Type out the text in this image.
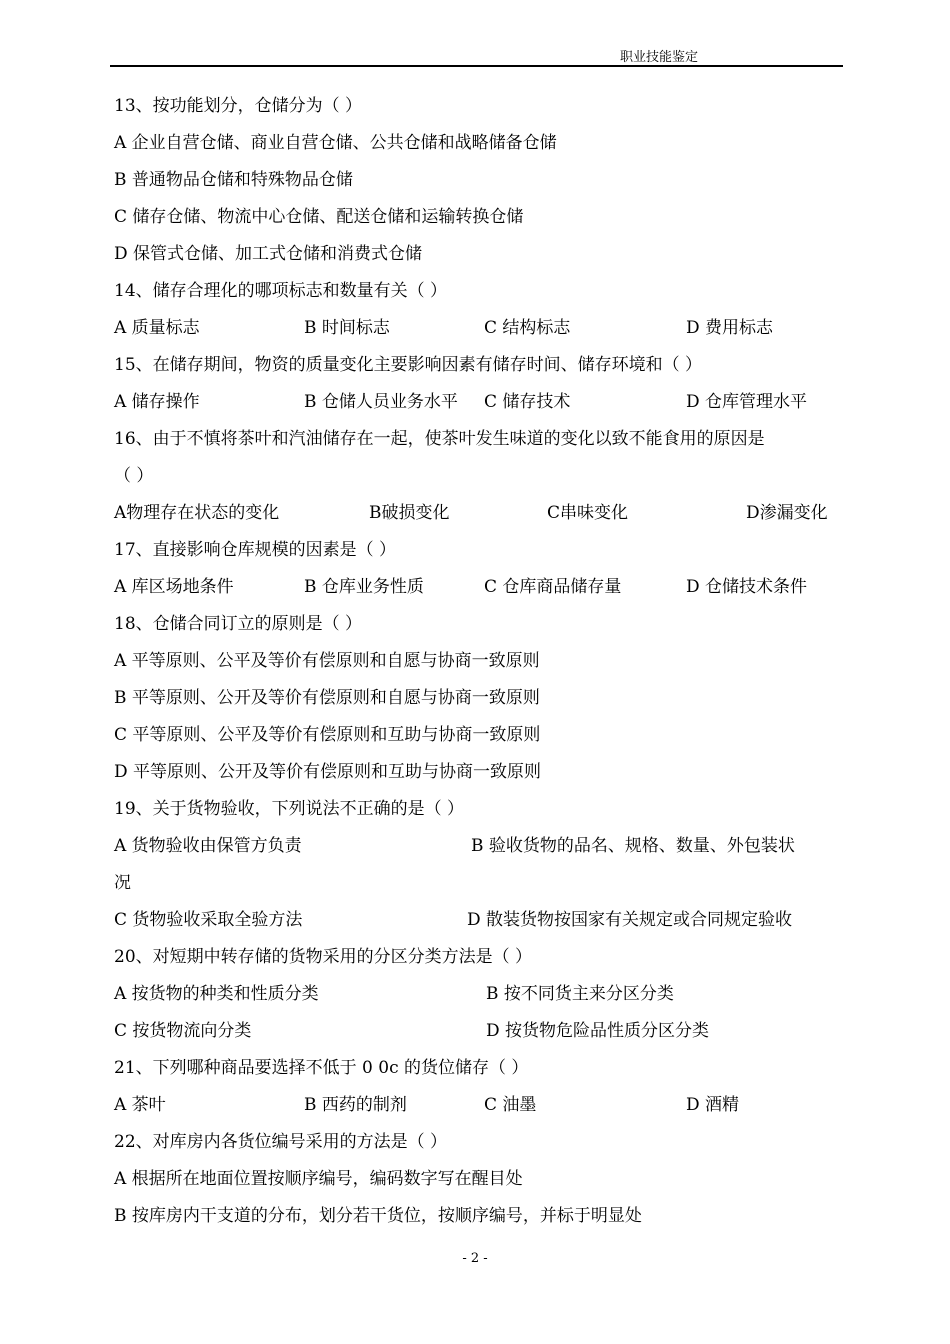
职业技能鉴定
13、按功能划分，仓储分为（ ）
A 企业自营仓储、商业自营仓储、公共仓储和战略储备仓储
B 普通物品仓储和特殊物品仓储
C 储存仓储、物流中心仓储、配送仓储和运输转换仓储
D 保管式仓储、加工式仓储和消费式仓储
14、储存合理化的哪项标志和数量有关（ ）
A 质量标志	B 时间标志	C 结构标志	D 费用标志
15、在储存期间，物资的质量变化主要影响因素有储存时间、储存环境和（ ）
A 储存操作	B 仓储人员业务水平 C 储存技术	D 仓库管理水平
16、由于不慎将茶叶和汽油储存在一起，使茶叶发生味道的变化以致不能食用的原因是
（ ）
A物理存在状态的变化	B破损变化	C串味变化	D渗漏变化
17、直接影响仓库规模的因素是（ ）
A 库区场地条件	B 仓库业务性质	C 仓库商品储存量	D 仓储技术条件
18、仓储合同订立的原则是（ ）
A 平等原则、公平及等价有偿原则和自愿与协商一致原则
B 平等原则、公开及等价有偿原则和自愿与协商一致原则
C 平等原则、公平及等价有偿原则和互助与协商一致原则
D 平等原则、公开及等价有偿原则和互助与协商一致原则
19、关于货物验收，下列说法不正确的是（ ）
A 货物验收由保管方负责	B 验收货物的品名、规格、数量、外包装状
况
C 货物验收采取全验方法	D 散装货物按国家有关规定或合同规定验收
20、对短期中转存储的货物采用的分区分类方法是（ ）
A 按货物的种类和性质分类	B 按不同货主来分区分类
C 按货物流向分类	D 按货物危险品性质分区分类
21、下列哪种商品要选择不低于 0 0c 的货位储存（ ）
A 茶叶	B 西药的制剂	C 油墨	D 酒精
22、对库房内各货位编号采用的方法是（ ）
A 根据所在地面位置按顺序编号，编码数字写在醒目处
B 按库房内干支道的分布，划分若干货位，按顺序编号，并标于明显处
- 2 -
